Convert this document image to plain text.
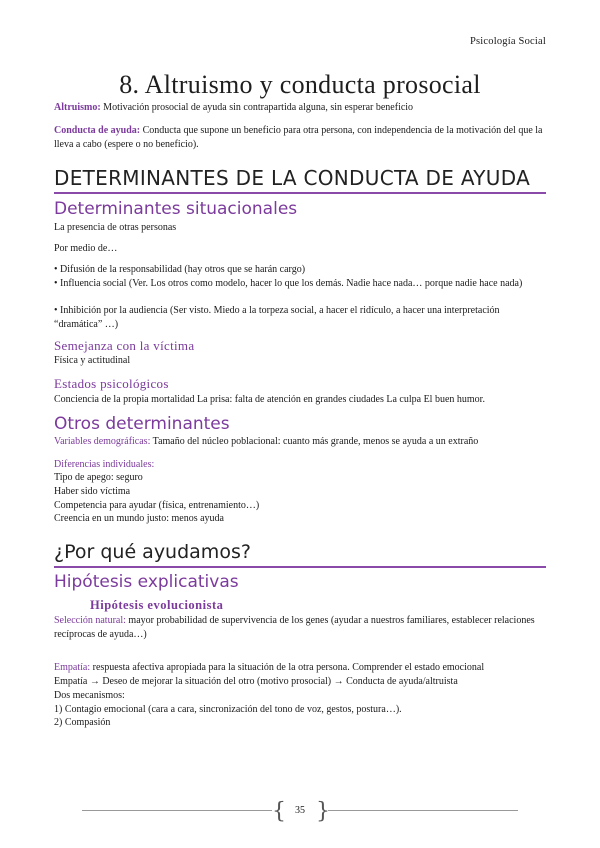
Psicología Social
8. Altruismo y conducta prosocial
Altruismo: Motivación prosocial de ayuda sin contrapartida alguna, sin esperar beneficio
Conducta de ayuda: Conducta que supone un beneficio para otra persona, con independencia de la motivación del que la lleva a cabo (espere o no beneficio).
DETERMINANTES DE LA CONDUCTA DE AYUDA
Determinantes situacionales
La presencia de otras personas
Por medio de…
• Difusión de la responsabilidad (hay otros que se harán cargo)
• Influencia social (Ver. Los otros como modelo, hacer lo que los demás. Nadie hace nada… porque nadie hace nada)
• Inhibición por la audiencia (Ser visto. Miedo a la torpeza social, a hacer el ridículo, a hacer una interpretación “dramática” …)
Semejanza con la víctima
Física y actitudinal
Estados psicológicos
Conciencia de la propia mortalidad La prisa: falta de atención en grandes ciudades La culpa El buen humor.
Otros determinantes
Variables demográficas: Tamaño del núcleo poblacional: cuanto más grande, menos se ayuda a un extraño
Diferencias individuales:
Tipo de apego: seguro
Haber sido víctima
Competencia para ayudar (física, entrenamiento…)
Creencia en un mundo justo: menos ayuda
¿Por qué ayudamos?
Hipótesis explicativas
Hipótesis evolucionista
Selección natural: mayor probabilidad de supervivencia de los genes (ayudar a nuestros familiares, establecer relaciones recíprocas de ayuda…)
Empatía: respuesta afectiva apropiada para la situación de la otra persona. Comprender el estado emocional
Empatía → Deseo de mejorar la situación del otro (motivo prosocial) → Conducta de ayuda/altruista
Dos mecanismos:
1) Contagio emocional (cara a cara, sincronización del tono de voz, gestos, postura…).
2) Compasión
{ }
35
